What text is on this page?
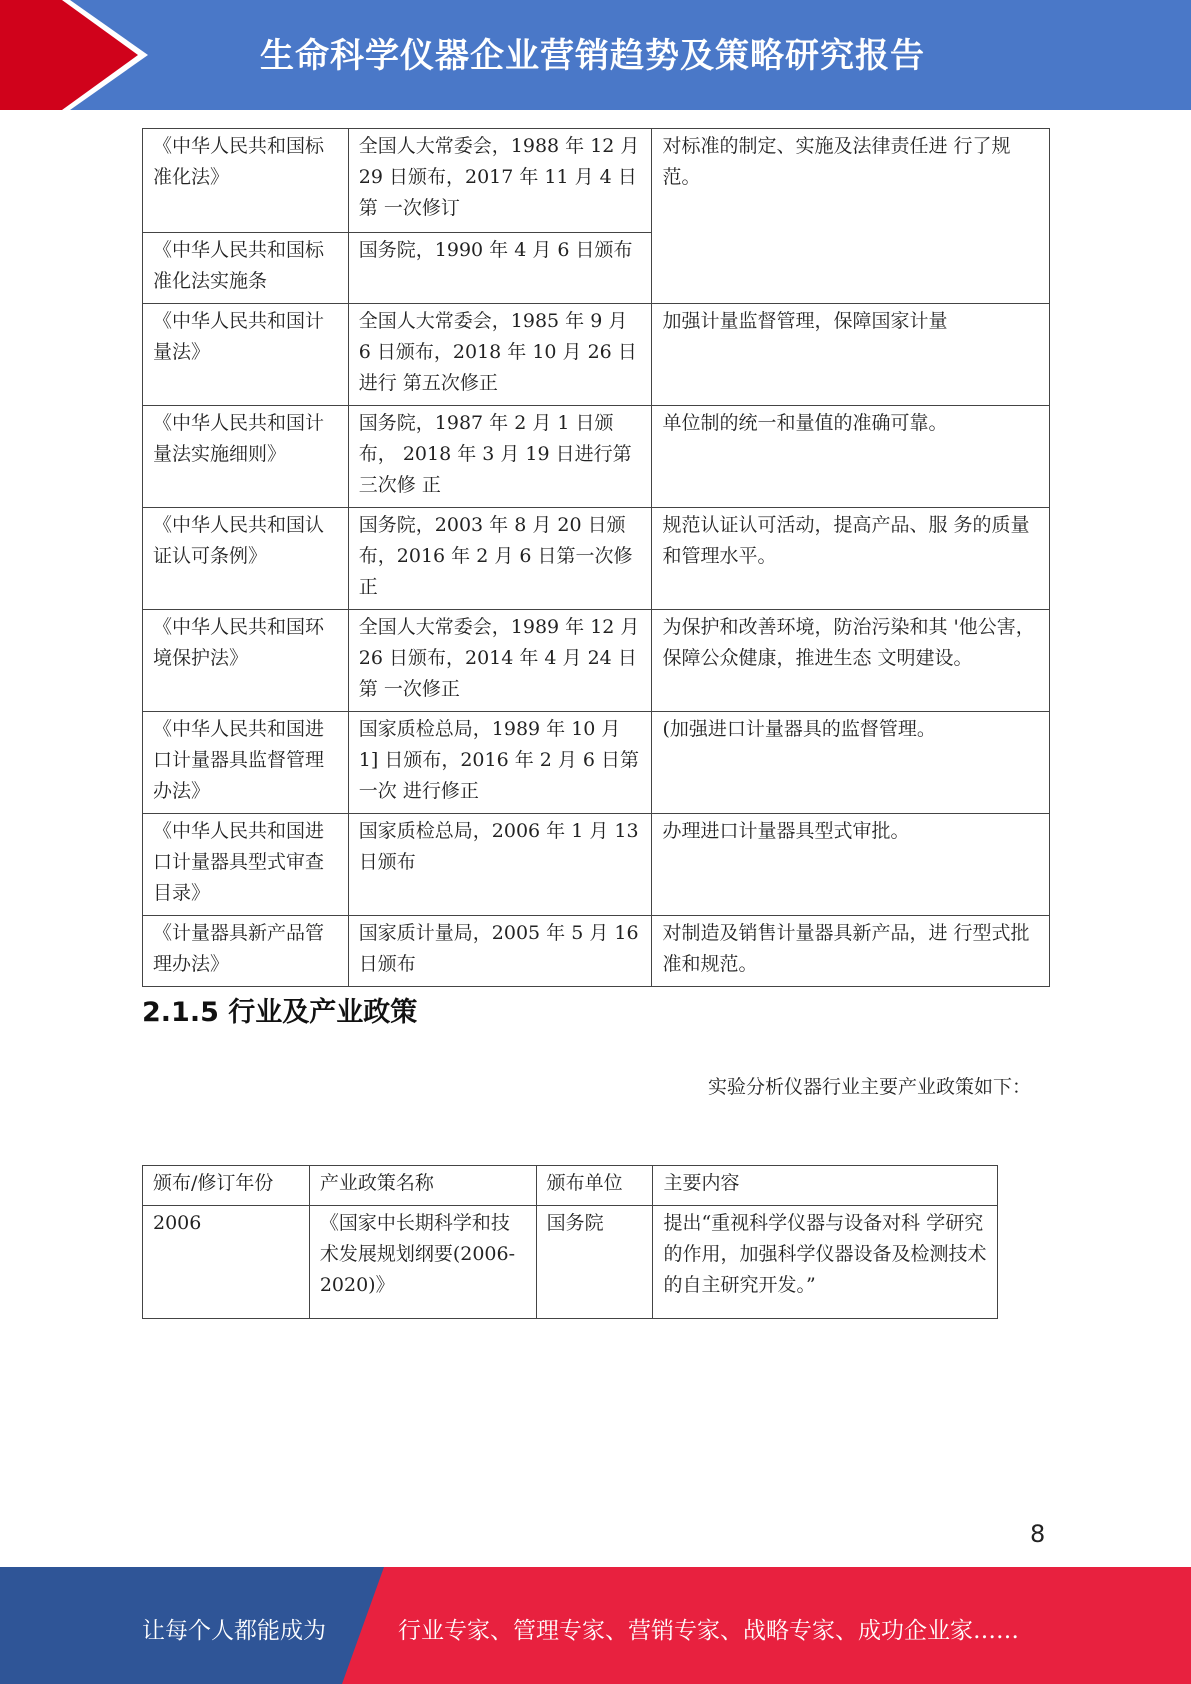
生命科学仪器企业营销趋势及策略研究报告
《中华人民共和国标 准化法》	全国人大常委会，1988 年 12 月 29 日颁布，2017 年 11 月 4 日第 一次修订	对标准的制定、实施及法律责任进 行了规范。
《中华人民共和国标 准化法实施条	国务院，1990 年 4 月 6 日颁布	
《中华人民共和国计 量法》	全国人大常委会，1985 年 9 月 6 日颁布，2018 年 10 月 26 日进行 第五次修正	加强计量监督管理，保障国家计量
《中华人民共和国计 量法实施细则》	国务院，1987 年 2 月 1 日颁布， 2018 年 3 月 19 日进行第三次修 正	单位制的统一和量值的准确可靠。
《中华人民共和国认 证认可条例》	国务院，2003 年 8 月 20 日颁布，2016 年 2 月 6 日第一次修正	规范认证认可活动，提高产品、服 务的质量和管理水平。
《中华人民共和国环 境保护法》	全国人大常委会，1989 年 12 月 26 日颁布，2014 年 4 月 24 日第 一次修正	为保护和改善环境，防治污染和其 '他公害，保障公众健康，推进生态 文明建设。
《中华人民共和国进 口计量器具监督管理 办法》	国家质检总局，1989 年 10 月 1] 日颁布，2016 年 2 月 6 日第一次 进行修正	(加强进口计量器具的监督管理。
《中华人民共和国进 口计量器具型式审查 目录》	国家质检总局，2006 年 1 月 13 日颁布	办理进口计量器具型式审批。
《计量器具新产品管 理办法》	国家质计量局，2005 年 5 月 16 日颁布	对制造及销售计量器具新产品，进 行型式批准和规范。
2.1.5 行业及产业政策
实验分析仪器行业主要产业政策如下：
颁布/修订年份	产业政策名称	颁布单位	主要内容
2006	《国家中长期科学和技术发展规划纲要(2006-2020)》	国务院	提出“重视科学仪器与设备对科 学研究的作用，加强科学仪器设备及检测技术的自主研究开发。”
8
让每个人都能成为	行业专家、管理专家、营销专家、战略专家、成功企业家……
